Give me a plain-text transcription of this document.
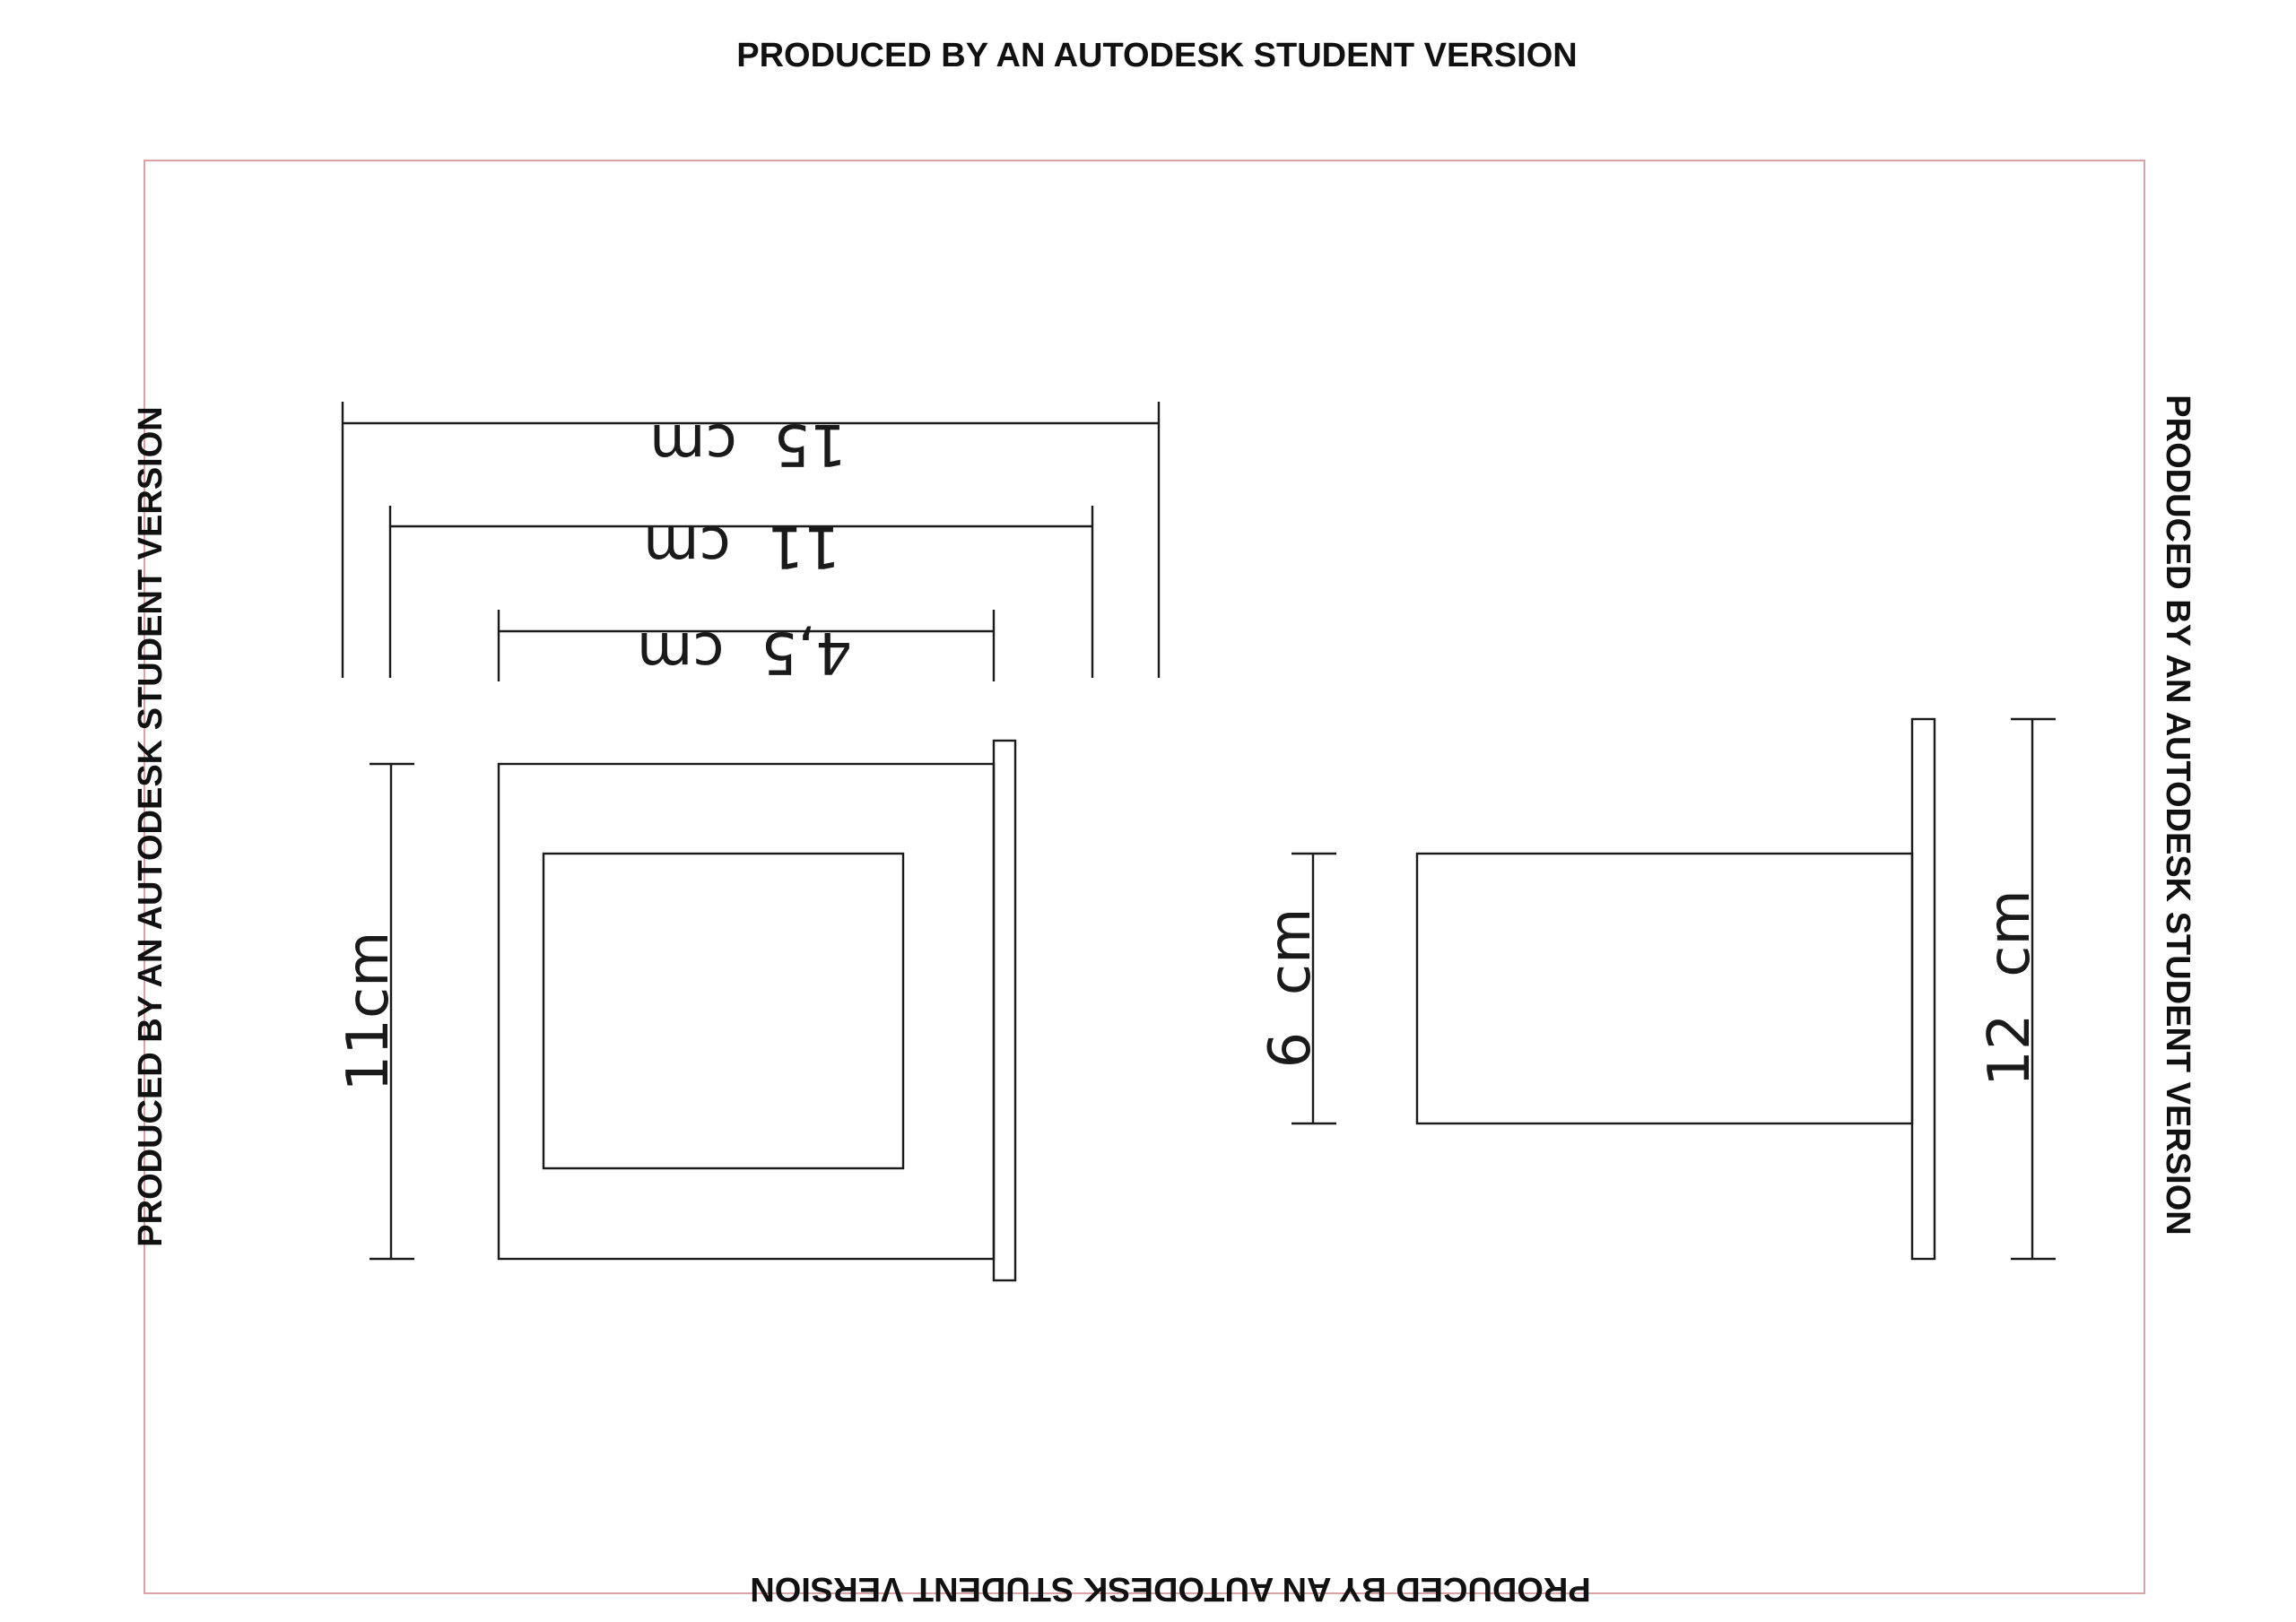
PRODUCED BY AN AUTODESK STUDENT VERSION
PRODUCED BY AN AUTODESK STUDENT VERSION	PRODUCED BY AN AUTODESK STUDENT VERSION
PRODUCED BY AN AUTODESK STUDENT VERSION
15  cm
11  cm
4,5  cm
11cm	6  cm	12  cm
